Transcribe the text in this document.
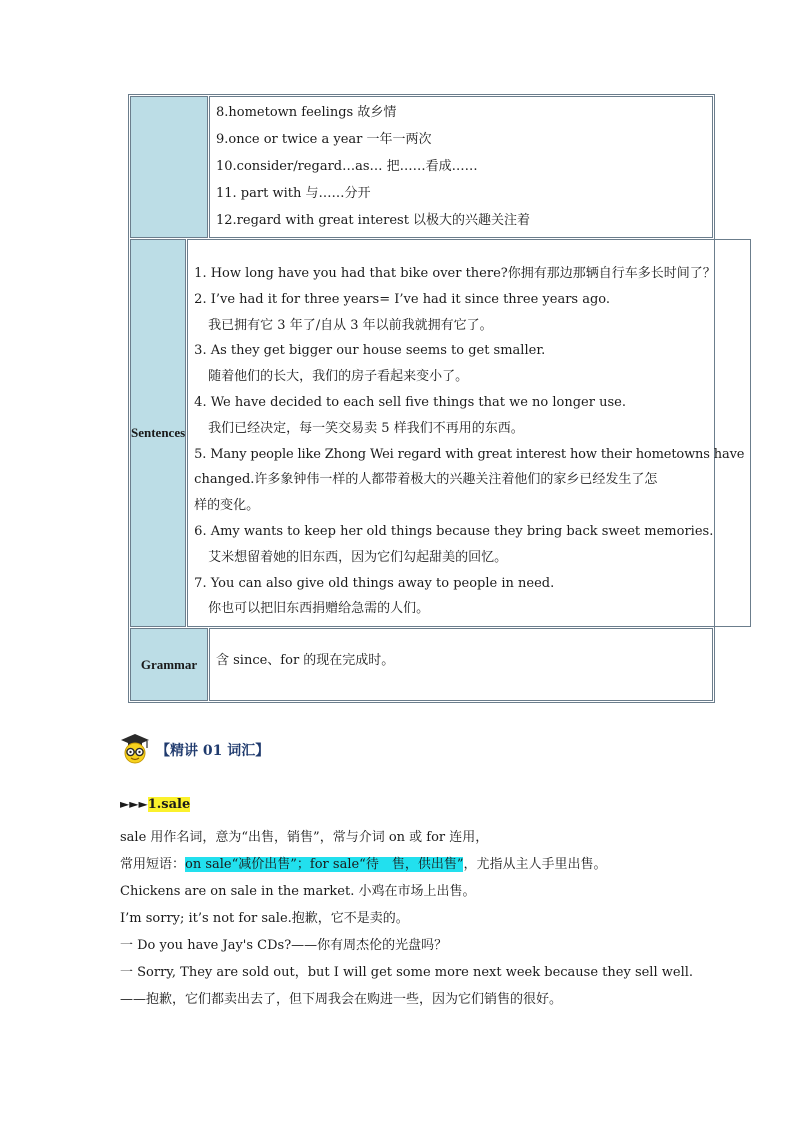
8.hometown feelings 故乡情
9.once or twice a year 一年一两次
10.consider/regard…as… 把……看成……
11. part with 与……分开
12.regard with great interest 以极大的兴趣关注着
Sentences
1. How long have you had that bike over there?你拥有那边那辆自行车多长时间了？
2. I’ve had it for three years= I’ve had it since three years ago.
我已拥有它 3 年了/自从 3 年以前我就拥有它了。
3. As they get bigger our house seems to get smaller.
随着他们的长大，我们的房子看起来变小了。
4. We have decided to each sell five things that we no longer use.
我们已经决定，每一笑交易卖 5 样我们不再用的东西。
5. Many people like Zhong Wei regard with great interest how their hometowns have
changed.许多象钟伟一样的人都带着极大的兴趣关注着他们的家乡已经发生了怎
样的变化。
6. Amy wants to keep her old things because they bring back sweet memories.
艾米想留着她的旧东西，因为它们勾起甜美的回忆。
7. You can also give old things away to people in need.
你也可以把旧东西捐赠给急需的人们。
Grammar	含 since、for 的现在完成时。
【精讲 01 词汇】
►►►1.sale
sale 用作名词，意为“出售，销售”，常与介词 on 或 for 连用，
常用短语：on sale“减价出售”；for sale“待　售，供出售”，尤指从主人手里出售。
Chickens are on sale in the market. 小鸡在市场上出售。
I’m sorry; it’s not for sale.抱歉，它不是卖的。
一 Do you have Jay's CDs?——你有周杰伦的光盘吗？
一 Sorry, They are sold out，but I will get some more next week because they sell well.
——抱歉，它们都卖出去了，但下周我会在购进一些，因为它们销售的很好。
